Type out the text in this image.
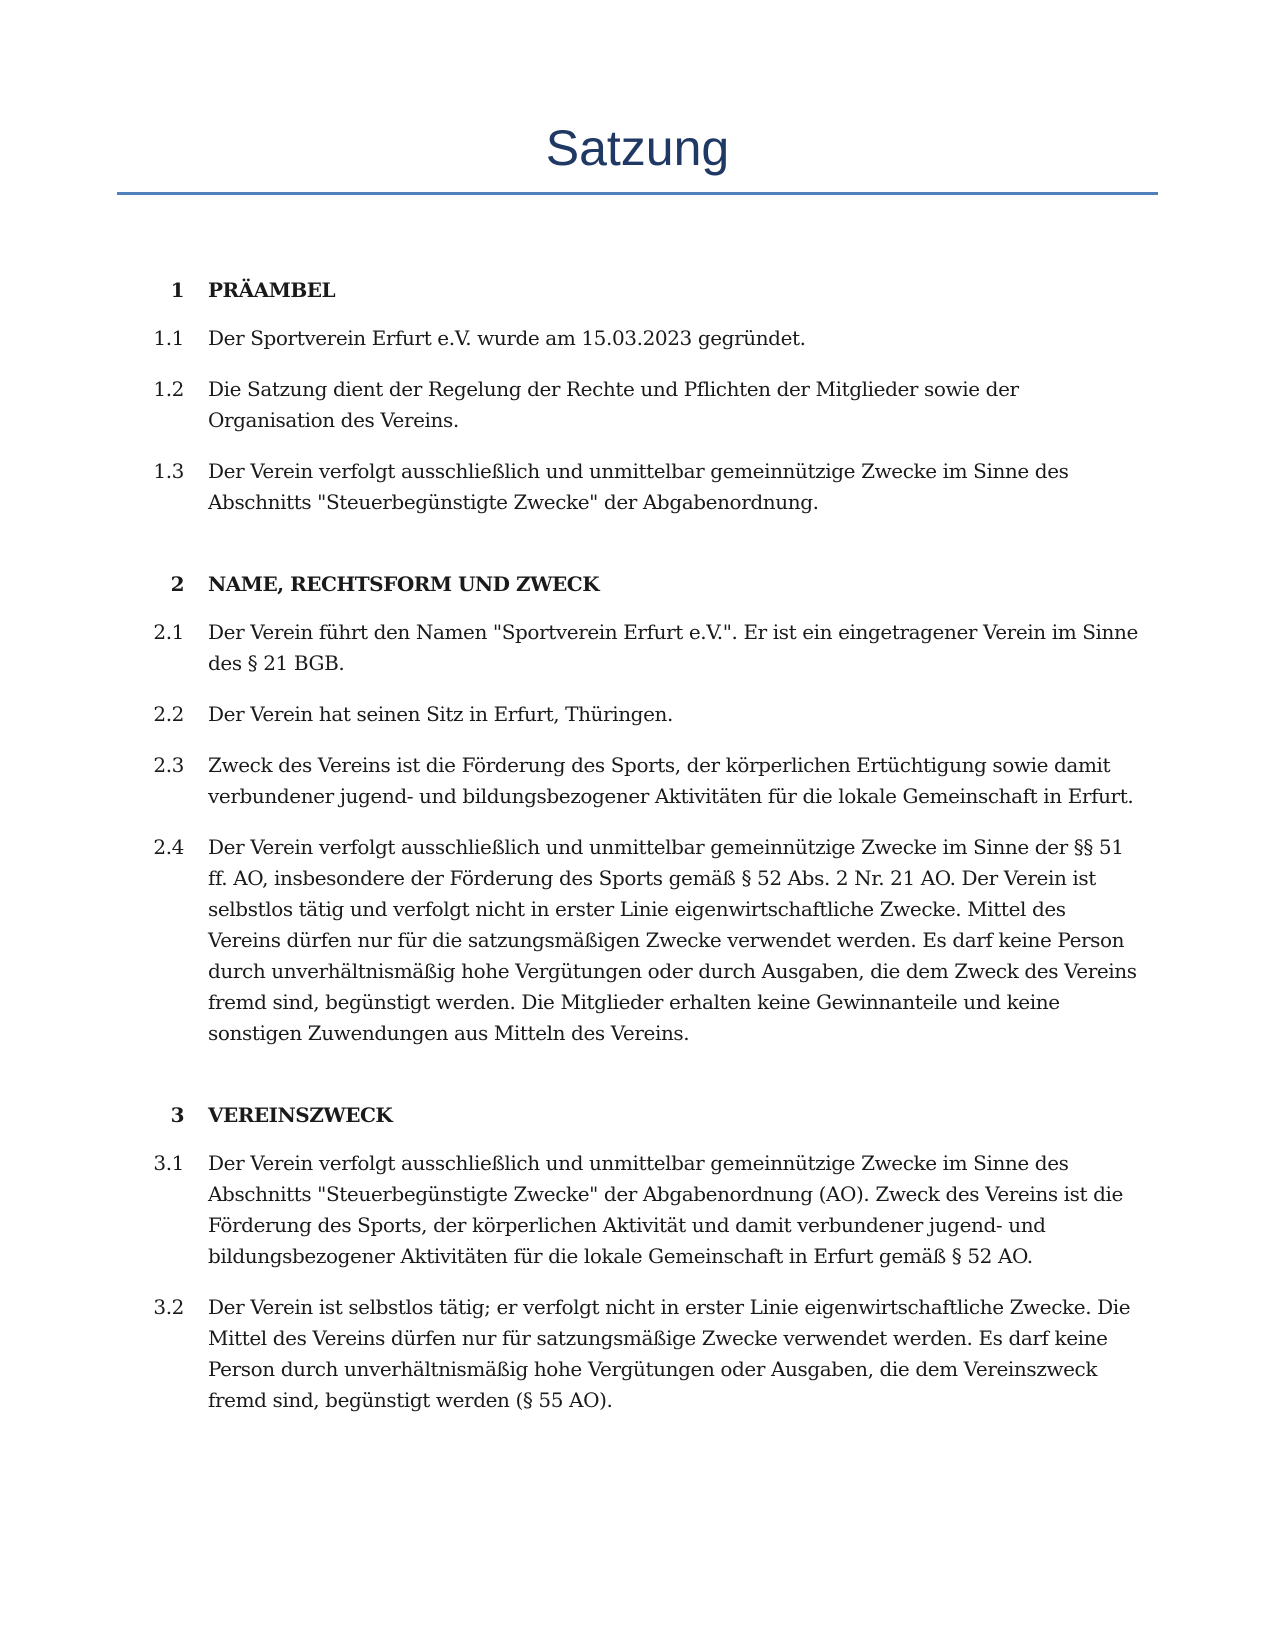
Satzung
1 PRÄAMBEL
1.1 Der Sportverein Erfurt e.V. wurde am 15.03.2023 gegründet.
1.2 Die Satzung dient der Regelung der Rechte und Pflichten der Mitglieder sowie der Organisation des Vereins.
1.3 Der Verein verfolgt ausschließlich und unmittelbar gemeinnützige Zwecke im Sinne des Abschnitts "Steuerbegünstigte Zwecke" der Abgabenordnung.
2 NAME, RECHTSFORM UND ZWECK
2.1 Der Verein führt den Namen "Sportverein Erfurt e.V.". Er ist ein eingetragener Verein im Sinne des § 21 BGB.
2.2 Der Verein hat seinen Sitz in Erfurt, Thüringen.
2.3 Zweck des Vereins ist die Förderung des Sports, der körperlichen Ertüchtigung sowie damit verbundener jugend- und bildungsbezogener Aktivitäten für die lokale Gemeinschaft in Erfurt.
2.4 Der Verein verfolgt ausschließlich und unmittelbar gemeinnützige Zwecke im Sinne der §§ 51 ff. AO, insbesondere der Förderung des Sports gemäß § 52 Abs. 2 Nr. 21 AO. Der Verein ist selbstlos tätig und verfolgt nicht in erster Linie eigenwirtschaftliche Zwecke. Mittel des Vereins dürfen nur für die satzungsmäßigen Zwecke verwendet werden. Es darf keine Person durch unverhältnismäßig hohe Vergütungen oder durch Ausgaben, die dem Zweck des Vereins fremd sind, begünstigt werden. Die Mitglieder erhalten keine Gewinnanteile und keine sonstigen Zuwendungen aus Mitteln des Vereins.
3 VEREINSZWECK
3.1 Der Verein verfolgt ausschließlich und unmittelbar gemeinnützige Zwecke im Sinne des Abschnitts "Steuerbegünstigte Zwecke" der Abgabenordnung (AO). Zweck des Vereins ist die Förderung des Sports, der körperlichen Aktivität und damit verbundener jugend- und bildungsbezogener Aktivitäten für die lokale Gemeinschaft in Erfurt gemäß § 52 AO.
3.2 Der Verein ist selbstlos tätig; er verfolgt nicht in erster Linie eigenwirtschaftliche Zwecke. Die Mittel des Vereins dürfen nur für satzungsmäßige Zwecke verwendet werden. Es darf keine Person durch unverhältnismäßig hohe Vergütungen oder Ausgaben, die dem Vereinszweck fremd sind, begünstigt werden (§ 55 AO).
